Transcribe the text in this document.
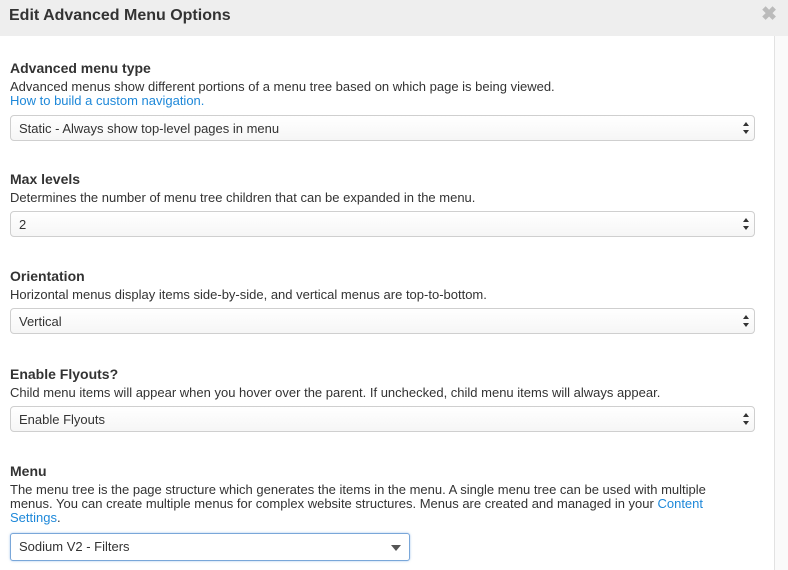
Edit Advanced Menu Options	✖
Advanced menu type
Advanced menus show different portions of a menu tree based on which page is being viewed.
How to build a custom navigation.
Static - Always show top-level pages in menu
Max levels
Determines the number of menu tree children that can be expanded in the menu.
2
Orientation
Horizontal menus display items side-by-side, and vertical menus are top-to-bottom.
Vertical
Enable Flyouts?
Child menu items will appear when you hover over the parent. If unchecked, child menu items will always appear.
Enable Flyouts
Menu
The menu tree is the page structure which generates the items in the menu. A single menu tree can be used with multiple menus. You can create multiple menus for complex website structures. Menus are created and managed in your Content Settings.
Sodium V2 - Filters
